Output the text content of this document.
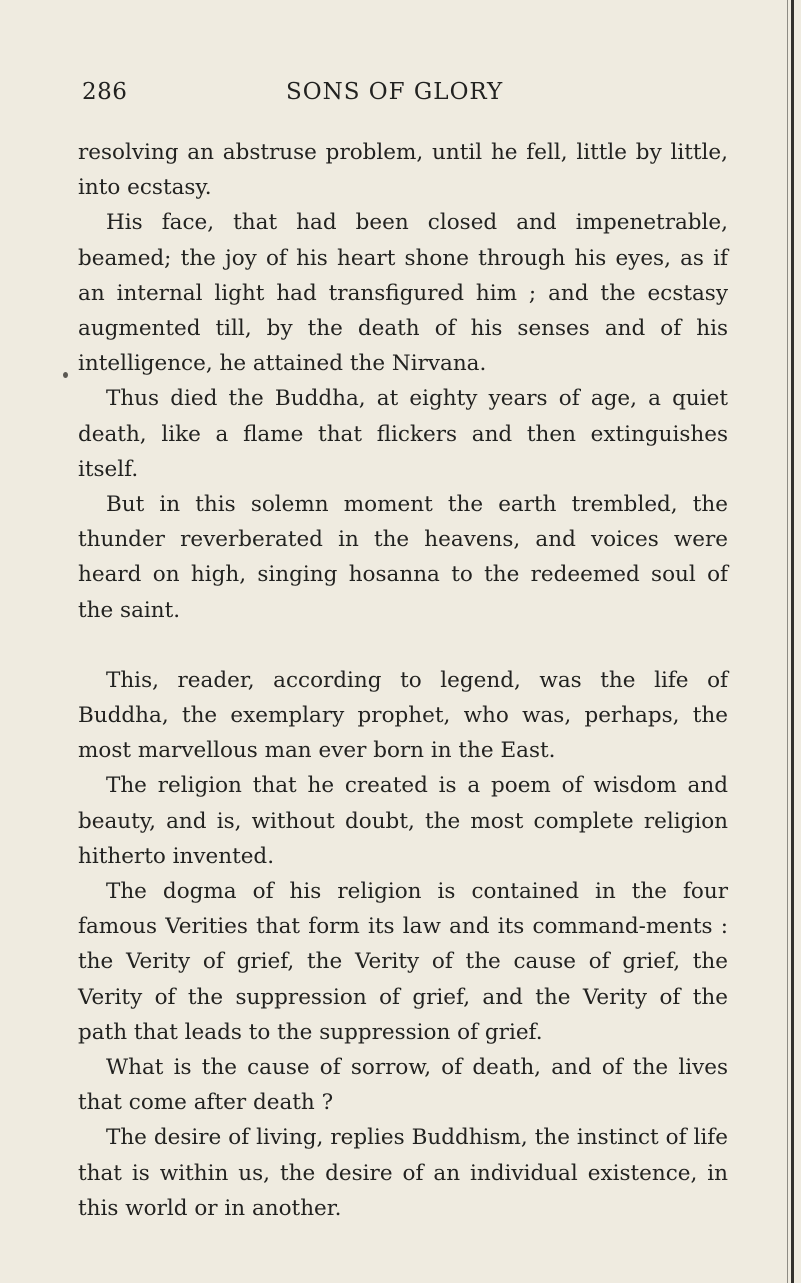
286	SONS OF GLORY

resolving an abstruse problem, until he fell, little by little, into ecstasy.

His face, that had been closed and impenetrable, beamed; the joy of his heart shone through his eyes, as if an internal light had transfigured him ; and the ecstasy augmented till, by the death of his senses and of his intelligence, he attained the Nirvana.

Thus died the Buddha, at eighty years of age, a quiet death, like a flame that flickers and then extinguishes itself.

But in this solemn moment the earth trembled, the thunder reverberated in the heavens, and voices were heard on high, singing hosanna to the redeemed soul of the saint.

This, reader, according to legend, was the life of Buddha, the exemplary prophet, who was, perhaps, the most marvellous man ever born in the East.

The religion that he created is a poem of wisdom and beauty, and is, without doubt, the most complete religion hitherto invented.

The dogma of his religion is contained in the four famous Verities that form its law and its command-ments : the Verity of grief, the Verity of the cause of grief, the Verity of the suppression of grief, and the Verity of the path that leads to the suppression of grief.

What is the cause of sorrow, of death, and of the lives that come after death ?

The desire of living, replies Buddhism, the instinct of life that is within us, the desire of an individual existence, in this world or in another.
